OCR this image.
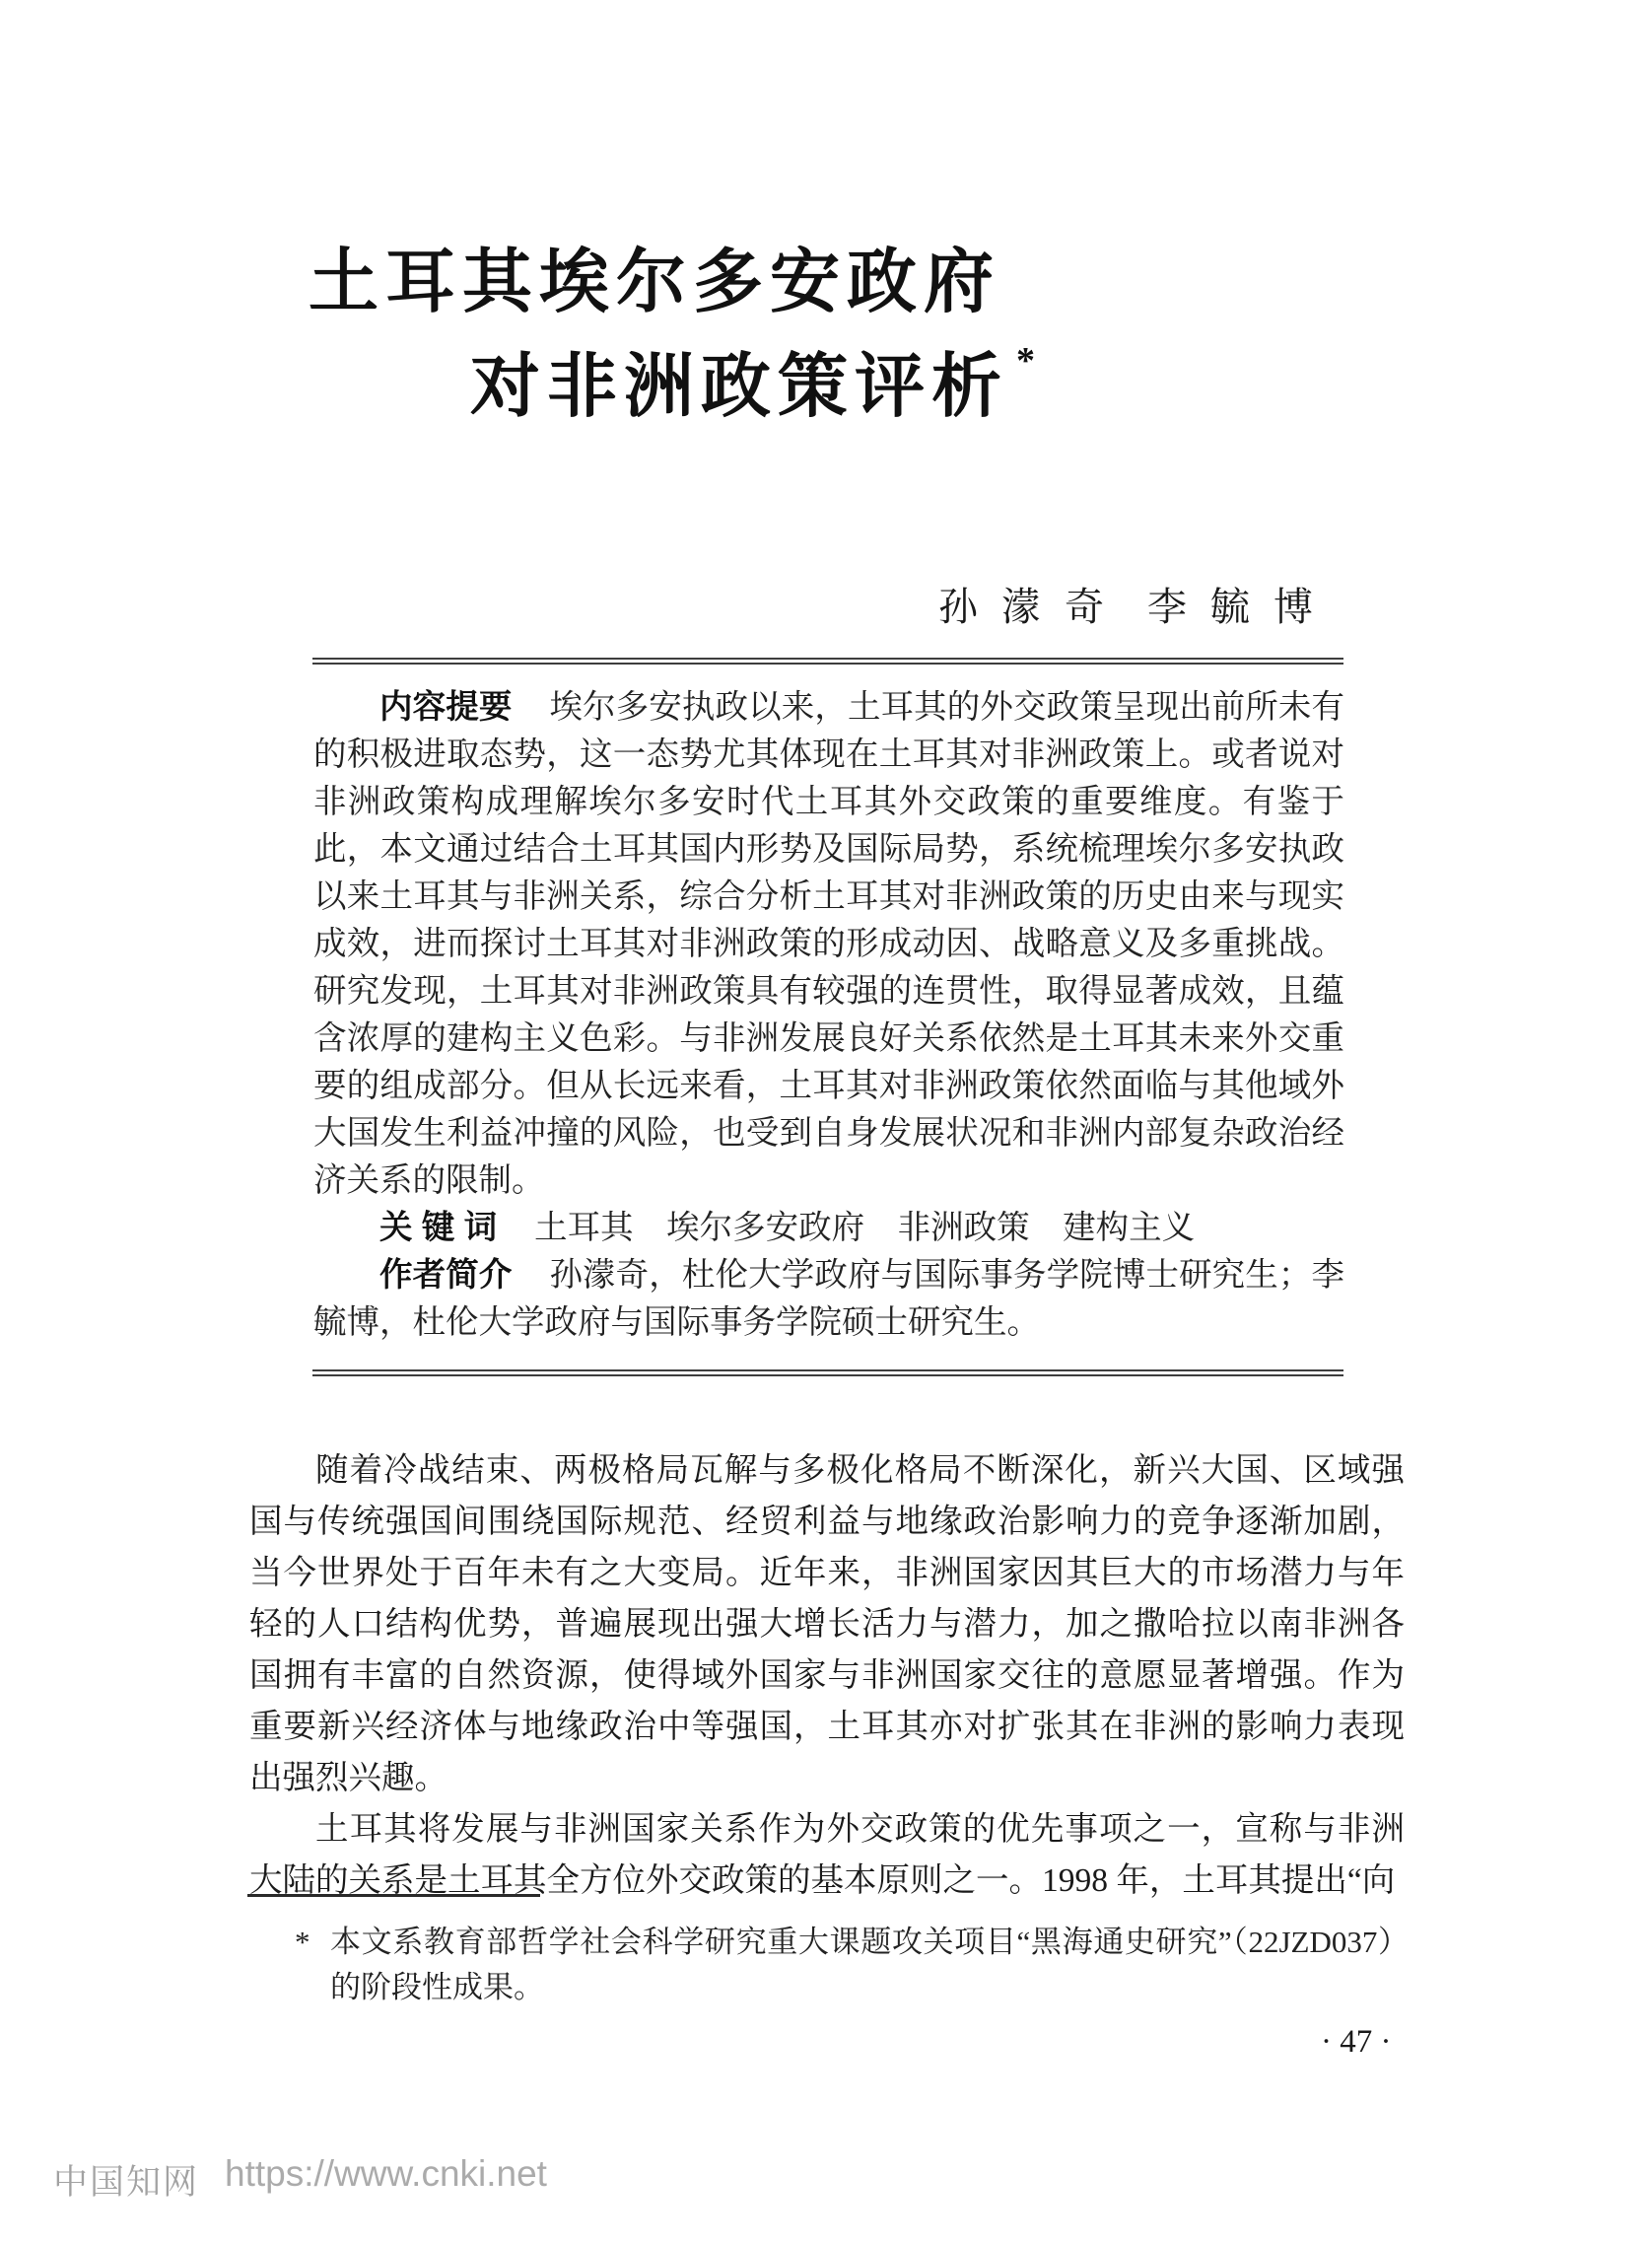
土耳其埃尔多安政府
对非洲政策评析 *
孙 濛 奇　李 毓 博

内容提要 埃尔多安执政以来，土耳其的外交政策呈现出前所未有的积极进取态势，这一态势尤其体现在土耳其对非洲政策上。或者说对非洲政策构成理解埃尔多安时代土耳其外交政策的重要维度。有鉴于此，本文通过结合土耳其国内形势及国际局势，系统梳理埃尔多安执政以来土耳其与非洲关系，综合分析土耳其对非洲政策的历史由来与现实成效，进而探讨土耳其对非洲政策的形成动因、战略意义及多重挑战。研究发现，土耳其对非洲政策具有较强的连贯性，取得显著成效，且蕴含浓厚的建构主义色彩。与非洲发展良好关系依然是土耳其未来外交重要的组成部分。但从长远来看，土耳其对非洲政策依然面临与其他域外大国发生利益冲撞的风险，也受到自身发展状况和非洲内部复杂政治经济关系的限制。

关 键 词 土耳其　埃尔多安政府　非洲政策　建构主义

作者简介 孙濛奇，杜伦大学政府与国际事务学院博士研究生；李毓博，杜伦大学政府与国际事务学院硕士研究生。

随着冷战结束、两极格局瓦解与多极化格局不断深化，新兴大国、区域强国与传统强国间围绕国际规范、经贸利益与地缘政治影响力的竞争逐渐加剧，当今世界处于百年未有之大变局。近年来，非洲国家因其巨大的市场潜力与年轻的人口结构优势，普遍展现出强大增长活力与潜力，加之撒哈拉以南非洲各国拥有丰富的自然资源，使得域外国家与非洲国家交往的意愿显著增强。作为重要新兴经济体与地缘政治中等强国，土耳其亦对扩张其在非洲的影响力表现出强烈兴趣。

土耳其将发展与非洲国家关系作为外交政策的优先事项之一，宣称与非洲大陆的关系是土耳其全方位外交政策的基本原则之一。1998 年，土耳其提出“向

* 本文系教育部哲学社会科学研究重大课题攻关项目“黑海通史研究”（22JZD037）的阶段性成果。
· 47 ·
中国知网 https://www.cnki.net
